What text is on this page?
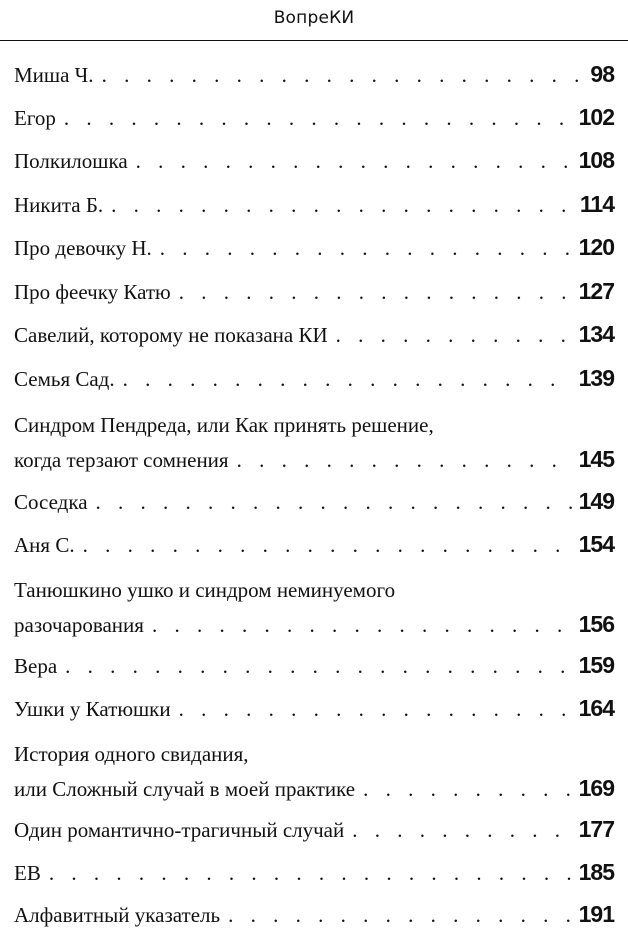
ВопреКИ
Миша Ч. . . .	98
Егор . . .	102
Полкилошка . . .	108
Никита Б. . . .	114
Про девочку Н. . . .	120
Про феечку Катю . . .	127
Савелий, которому не показана КИ . . .	134
Семья Сад. . . .	139
Синдром Пендреда, или Как принять решение,
когда терзают сомнения . . .	145
Соседка . . .	149
Аня С. . . .	154
Танюшкино ушко и синдром неминуемого
разочарования . . .	156
Вера . . .	159
Ушки у Катюшки . . .	164
История одного свидания,
или Сложный случай в моей практике . . .	169
Один романтично-трагичный случай . . .	177
ЕВ . . .	185
Алфавитный указатель . . .	191
